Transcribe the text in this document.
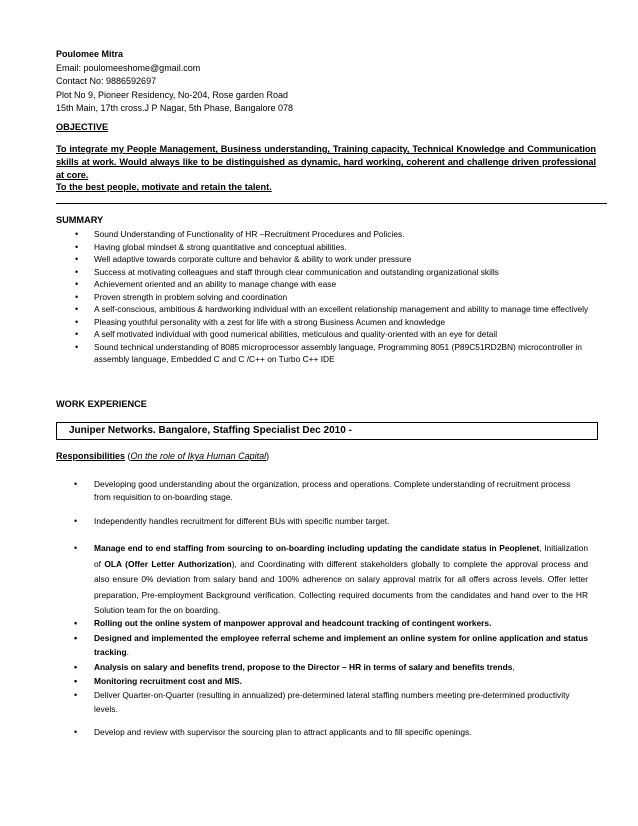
Poulomee Mitra
Email: poulomeeshome@gmail.com
Contact No: 9886592697
Plot No 9, Pioneer Residency, No-204, Rose garden Road
15th Main, 17th cross.J P Nagar, 5th Phase, Bangalore 078
OBJECTIVE
To integrate my People Management, Business understanding, Training capacity, Technical Knowledge and Communication skills at work. Would always like to be distinguished as dynamic, hard working, coherent and challenge driven professional at core.
To the best people, motivate and retain the talent.
SUMMARY
• Sound Understanding of Functionality of HR –Recruitment Procedures and Policies.
• Having global mindset & strong quantitative and conceptual abilities.
• Well adaptive towards corporate culture and behavior & ability to work under pressure
• Success at motivating colleagues and staff through clear communication and outstanding organizational skills
• Achievement oriented and an ability to manage change with ease
• Proven strength in problem solving and coordination
• A self-conscious, ambitious & hardworking individual with an excellent relationship management and ability to manage time effectively
• Pleasing youthful personality with a zest for life with a strong Business Acumen and knowledge
• A self motivated individual with good numerical abilities, meticulous and quality-oriented with an eye for detail
• Sound technical understanding of 8085 microprocessor assembly language, Programming 8051 (P89C51RD2BN) microcontroller in assembly language, Embedded C and C /C++ on Turbo C++ IDE
WORK EXPERIENCE
Juniper Networks. Bangalore, Staffing Specialist Dec 2010 -
Responsibilities (On the role of Ikya Human Capital)
• Developing good understanding about the organization, process and operations. Complete understanding of recruitment process from requisition to on-boarding stage.
• Independently handles recruitment for different BUs with specific number target.
• Manage end to end staffing from sourcing to on-boarding including updating the candidate status in Peoplenet, Initialization of OLA (Offer Letter Authorization), and Coordinating with different stakeholders globally to complete the approval process and also ensure 0% deviation from salary band and 100% adherence on salary approval matrix for all offers across levels. Offer letter preparation, Pre-employment Background verification. Collecting required documents from the candidates and hand over to the HR Solution team for the on boarding.
• Rolling out the online system of manpower approval and headcount tracking of contingent workers.
• Designed and implemented the employee referral scheme and implement an online system for online application and status tracking.
• Analysis on salary and benefits trend, propose to the Director – HR in terms of salary and benefits trends,
• Monitoring recruitment cost and MIS.
• Deliver Quarter-on-Quarter (resulting in annualized) pre-determined lateral staffing numbers meeting pre-determined productivity levels.
• Develop and review with supervisor the sourcing plan to attract applicants and to fill specific openings.
